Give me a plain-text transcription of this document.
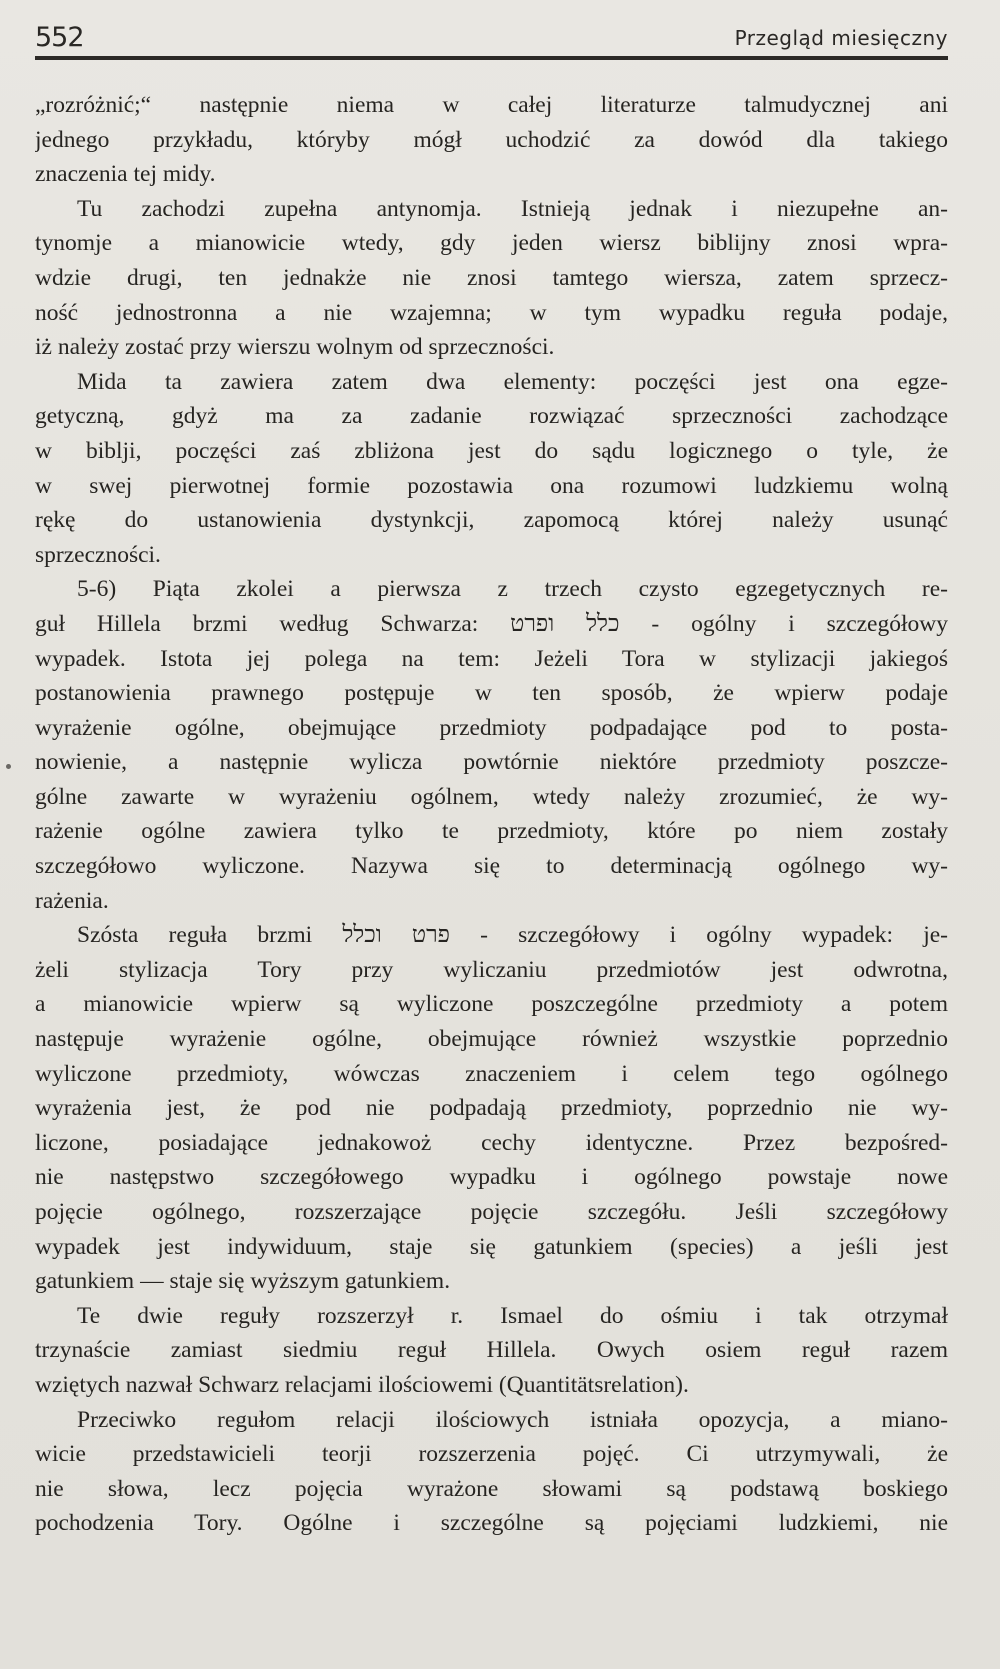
552	Przegląd miesięczny
„rozróżnić;“ następnie niema w całej literaturze talmudycznej ani
jednego przykładu, któryby mógł uchodzić za dowód dla takiego
znaczenia tej midy.
Tu zachodzi zupełna antynomja. Istnieją jednak i niezupełne an-
tynomje a mianowicie wtedy, gdy jeden wiersz biblijny znosi wpra-
wdzie drugi, ten jednakże nie znosi tamtego wiersza, zatem sprzecz-
ność jednostronna a nie wzajemna; w tym wypadku reguła podaje,
iż należy zostać przy wierszu wolnym od sprzeczności.
Mida ta zawiera zatem dwa elementy: poczęści jest ona egze-
getyczną, gdyż ma za zadanie rozwiązać sprzeczności zachodzące
w biblji, poczęści zaś zbliżona jest do sądu logicznego o tyle, że
w swej pierwotnej formie pozostawia ona rozumowi ludzkiemu wolną
rękę do ustanowienia dystynkcji, zapomocą której należy usunąć
sprzeczności.
5-6) Piąta zkolei a pierwsza z trzech czysto egzegetycznych re-
guł Hillela brzmi według Schwarza: כלל ופרט - ogólny i szczegółowy
wypadek. Istota jej polega na tem: Jeżeli Tora w stylizacji jakiegoś
postanowienia prawnego postępuje w ten sposób, że wpierw podaje
wyrażenie ogólne, obejmujące przedmioty podpadające pod to posta-
nowienie, a następnie wylicza powtórnie niektóre przedmioty poszcze-
gólne zawarte w wyrażeniu ogólnem, wtedy należy zrozumieć, że wy-
rażenie ogólne zawiera tylko te przedmioty, które po niem zostały
szczegółowo wyliczone. Nazywa się to determinacją ogólnego wy-
rażenia.
Szósta reguła brzmi פרט וכלל - szczegółowy i ogólny wypadek: je-
żeli stylizacja Tory przy wyliczaniu przedmiotów jest odwrotna,
a mianowicie wpierw są wyliczone poszczególne przedmioty a potem
następuje wyrażenie ogólne, obejmujące również wszystkie poprzednio
wyliczone przedmioty, wówczas znaczeniem i celem tego ogólnego
wyrażenia jest, że pod nie podpadają przedmioty, poprzednio nie wy-
liczone, posiadające jednakowoż cechy identyczne. Przez bezpośred-
nie następstwo szczegółowego wypadku i ogólnego powstaje nowe
pojęcie ogólnego, rozszerzające pojęcie szczegółu. Jeśli szczegółowy
wypadek jest indywiduum, staje się gatunkiem (species) a jeśli jest
gatunkiem — staje się wyższym gatunkiem.
Te dwie reguły rozszerzył r. Ismael do ośmiu i tak otrzymał
trzynaście zamiast siedmiu reguł Hillela. Owych osiem reguł razem
wziętych nazwał Schwarz relacjami ilościowemi (Quantitätsrelation).
Przeciwko regułom relacji ilościowych istniała opozycja, a miano-
wicie przedstawicieli teorji rozszerzenia pojęć. Ci utrzymywali, że
nie słowa, lecz pojęcia wyrażone słowami są podstawą boskiego
pochodzenia Tory. Ogólne i szczególne są pojęciami ludzkiemi, nie
